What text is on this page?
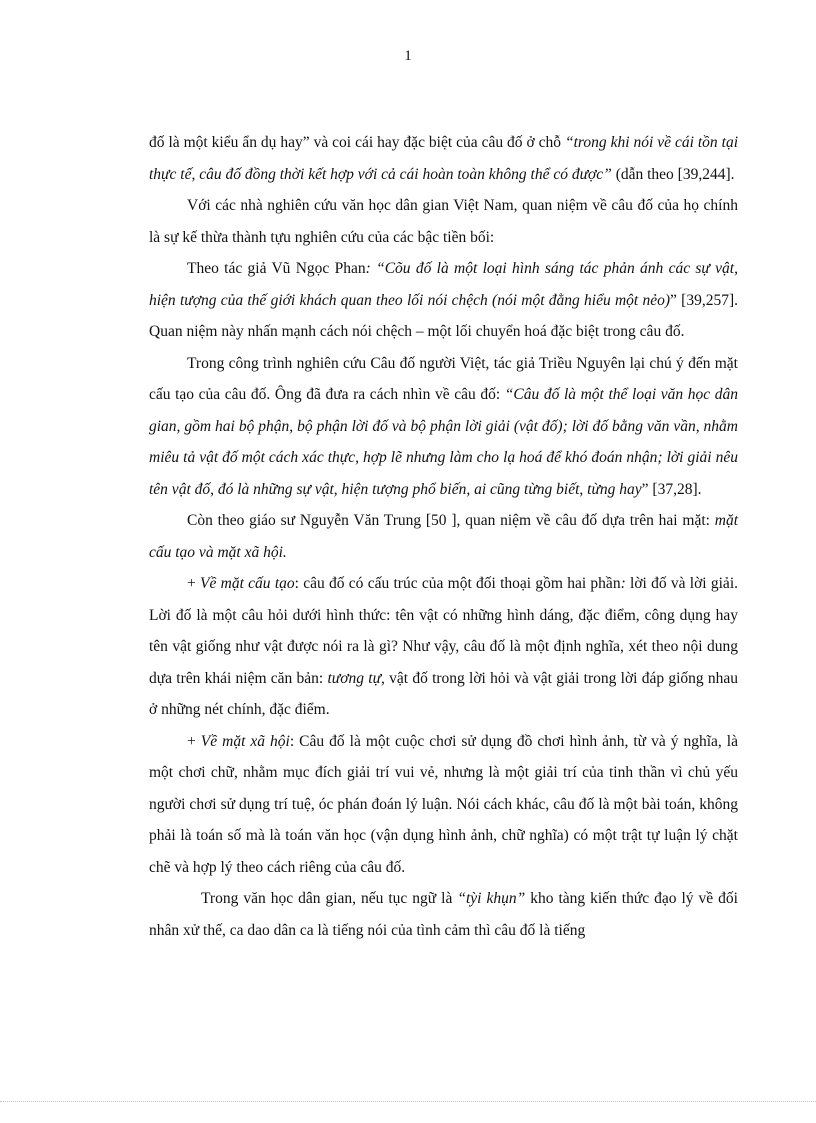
1

đố là một kiểu ẩn dụ hay” và coi cái hay đặc biệt của câu đố ở chỗ “trong khi nói về cái tồn tại thực tế, câu đố đồng thời kết hợp với cả cái hoàn toàn không thể có được” (dẫn theo [39,244].

Với các nhà nghiên cứu văn học dân gian Việt Nam, quan niệm về câu đố của họ chính là sự kế thừa thành tựu nghiên cứu của các bậc tiền bối:

Theo tác giả Vũ Ngọc Phan: “Cõu đố là một loại hình sáng tác phản ánh các sự vật, hiện tượng của thế giới khách quan theo lối nói chệch (nói một đằng hiểu một nẻo)” [39,257]. Quan niệm này nhấn mạnh cách nói chệch – một lối chuyển hoá đặc biệt trong câu đố.

Trong công trình nghiên cứu Câu đố người Việt, tác giả Triều Nguyên lại chú ý đến mặt cấu tạo của câu đố. Ông đã đưa ra cách nhìn về câu đố: “Câu đố là một thể loại văn học dân gian, gồm hai bộ phận, bộ phận lời đố và bộ phận lời giải (vật đố); lời đố bằng văn vần, nhằm miêu tả vật đố một cách xác thực, hợp lẽ nhưng làm cho lạ hoá để khó đoán nhận; lời giải nêu tên vật đố, đó là những sự vật, hiện tượng phổ biến, ai cũng từng biết, từng hay” [37,28].

Còn theo giáo sư Nguyễn Văn Trung [50 ], quan niệm về câu đố dựa trên hai mặt: mặt cấu tạo và mặt xã hội.

+ Về mặt cấu tạo: câu đố có cấu trúc của một đối thoại gồm hai phần: lời đố và lời giải. Lời đố là một câu hỏi dưới hình thức: tên vật có những hình dáng, đặc điểm, công dụng hay tên vật giống như vật được nói ra là gì? Như vậy, câu đố là một định nghĩa, xét theo nội dung dựa trên khái niệm căn bản: tương tự, vật đố trong lời hỏi và vật giải trong lời đáp giống nhau ở những nét chính, đặc điểm.

+ Về mặt xã hội: Câu đố là một cuộc chơi sử dụng đồ chơi hình ảnh, từ và ý nghĩa, là một chơi chữ, nhằm mục đích giải trí vui vẻ, nhưng là một giải trí của tinh thần vì chủ yếu người chơi sử dụng trí tuệ, óc phán đoán lý luận. Nói cách khác, câu đố là một bài toán, không phải là toán số mà là toán văn học (vận dụng hình ảnh, chữ nghĩa) có một trật tự luận lý chặt chẽ và hợp lý theo cách riêng của câu đố.

Trong văn học dân gian, nếu tục ngữ là “tỳi khụn” kho tàng kiến thức đạo lý về đối nhân xử thế, ca dao dân ca là tiếng nói của tình cảm thì câu đố là tiếng
